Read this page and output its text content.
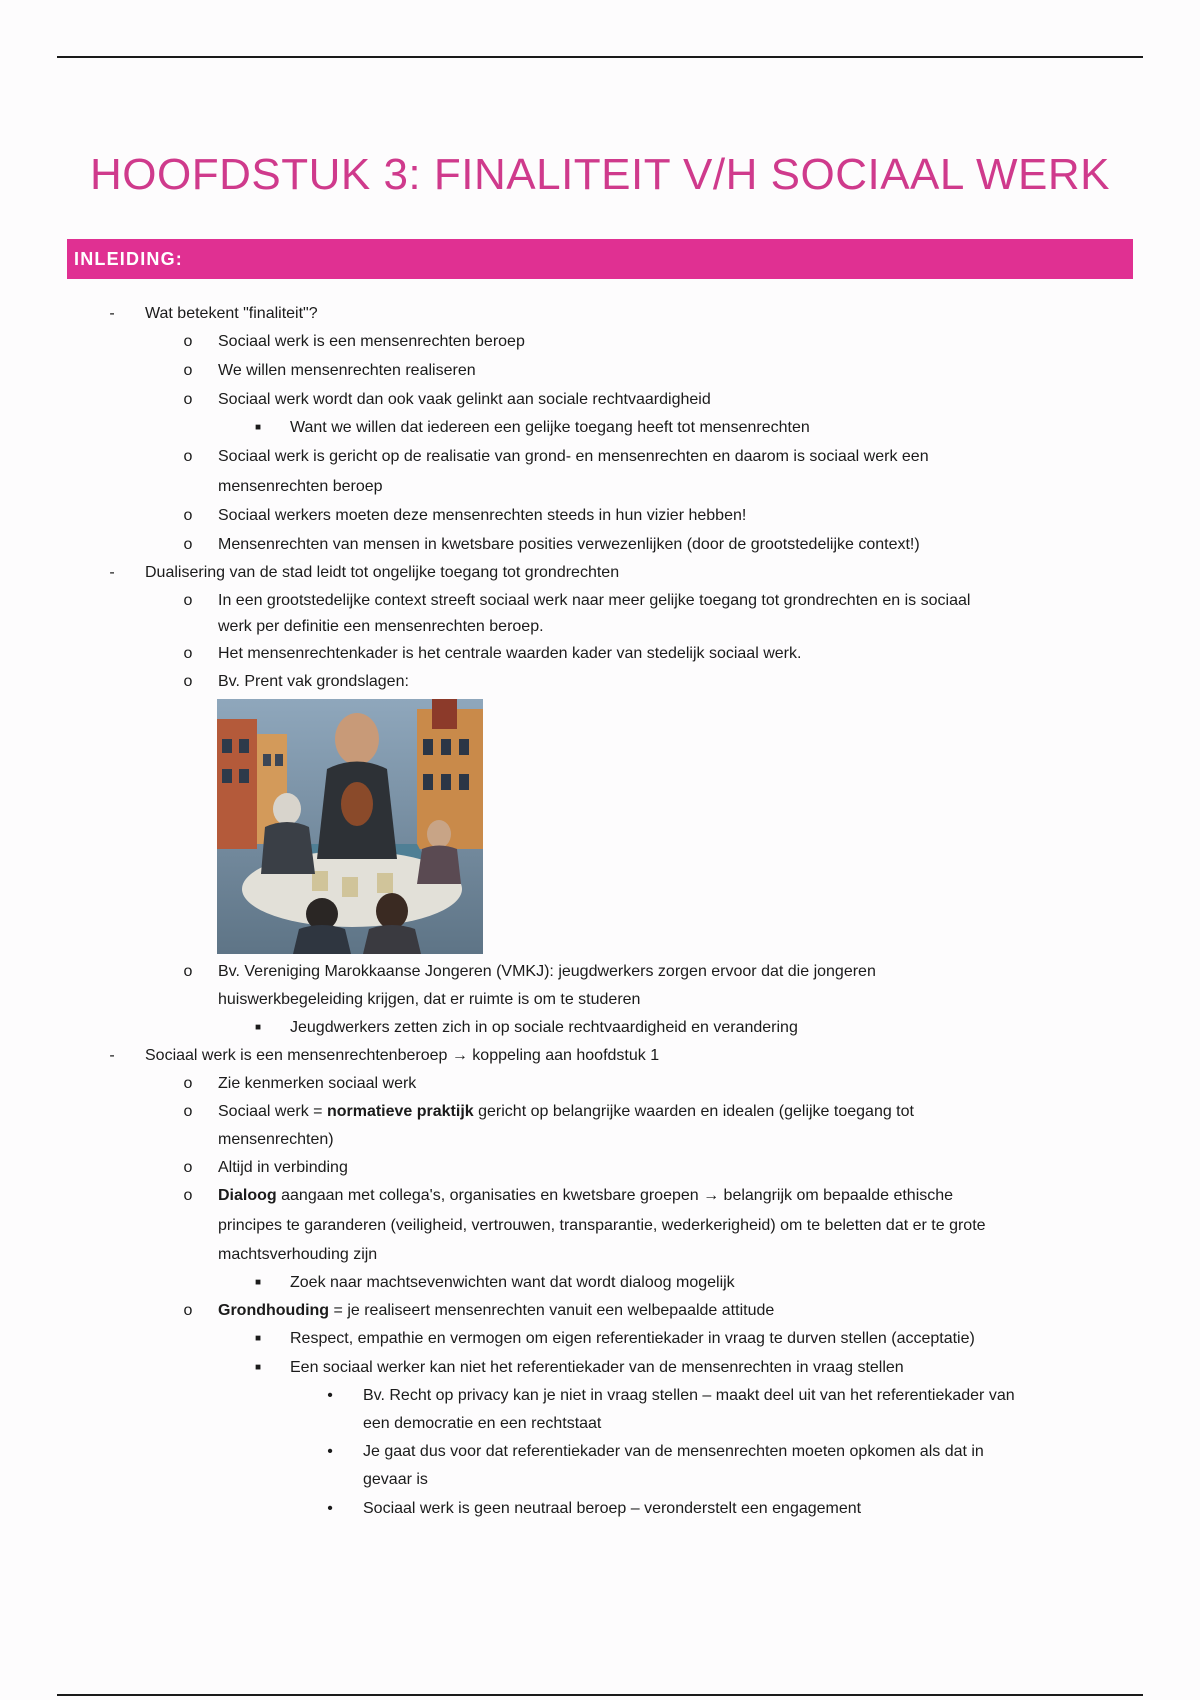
HOOFDSTUK 3: FINALITEIT V/H SOCIAAL WERK
INLEIDING:
- Wat betekent "finaliteit"?
o Sociaal werk is een mensenrechten beroep
o We willen mensenrechten realiseren
o Sociaal werk wordt dan ook vaak gelinkt aan sociale rechtvaardigheid
■ Want we willen dat iedereen een gelijke toegang heeft tot mensenrechten
o Sociaal werk is gericht op de realisatie van grond- en mensenrechten en daarom is sociaal werk een
mensenrechten beroep
o Sociaal werkers moeten deze mensenrechten steeds in hun vizier hebben!
o Mensenrechten van mensen in kwetsbare posities verwezenlijken (door de grootstedelijke context!)
- Dualisering van de stad leidt tot ongelijke toegang tot grondrechten
o In een grootstedelijke context streeft sociaal werk naar meer gelijke toegang tot grondrechten en is sociaal
werk per definitie een mensenrechten beroep.
o Het mensenrechtenkader is het centrale waarden kader van stedelijk sociaal werk.
o Bv. Prent vak grondslagen:
o Bv. Vereniging Marokkaanse Jongeren (VMKJ): jeugdwerkers zorgen ervoor dat die jongeren
huiswerkbegeleiding krijgen, dat er ruimte is om te studeren
■ Jeugdwerkers zetten zich in op sociale rechtvaardigheid en verandering
- Sociaal werk is een mensenrechtenberoep → koppeling aan hoofdstuk 1
o Zie kenmerken sociaal werk
o Sociaal werk = normatieve praktijk gericht op belangrijke waarden en idealen (gelijke toegang tot
mensenrechten)
o Altijd in verbinding
o Dialoog aangaan met collega's, organisaties en kwetsbare groepen → belangrijk om bepaalde ethische
principes te garanderen (veiligheid, vertrouwen, transparantie, wederkerigheid) om te beletten dat er te grote
machtsverhouding zijn
■ Zoek naar machtsevenwichten want dat wordt dialoog mogelijk
o Grondhouding = je realiseert mensenrechten vanuit een welbepaalde attitude
■ Respect, empathie en vermogen om eigen referentiekader in vraag te durven stellen (acceptatie)
■ Een sociaal werker kan niet het referentiekader van de mensenrechten in vraag stellen
• Bv. Recht op privacy kan je niet in vraag stellen – maakt deel uit van het referentiekader van
een democratie en een rechtstaat
• Je gaat dus voor dat referentiekader van de mensenrechten moeten opkomen als dat in
gevaar is
• Sociaal werk is geen neutraal beroep – veronderstelt een engagement
